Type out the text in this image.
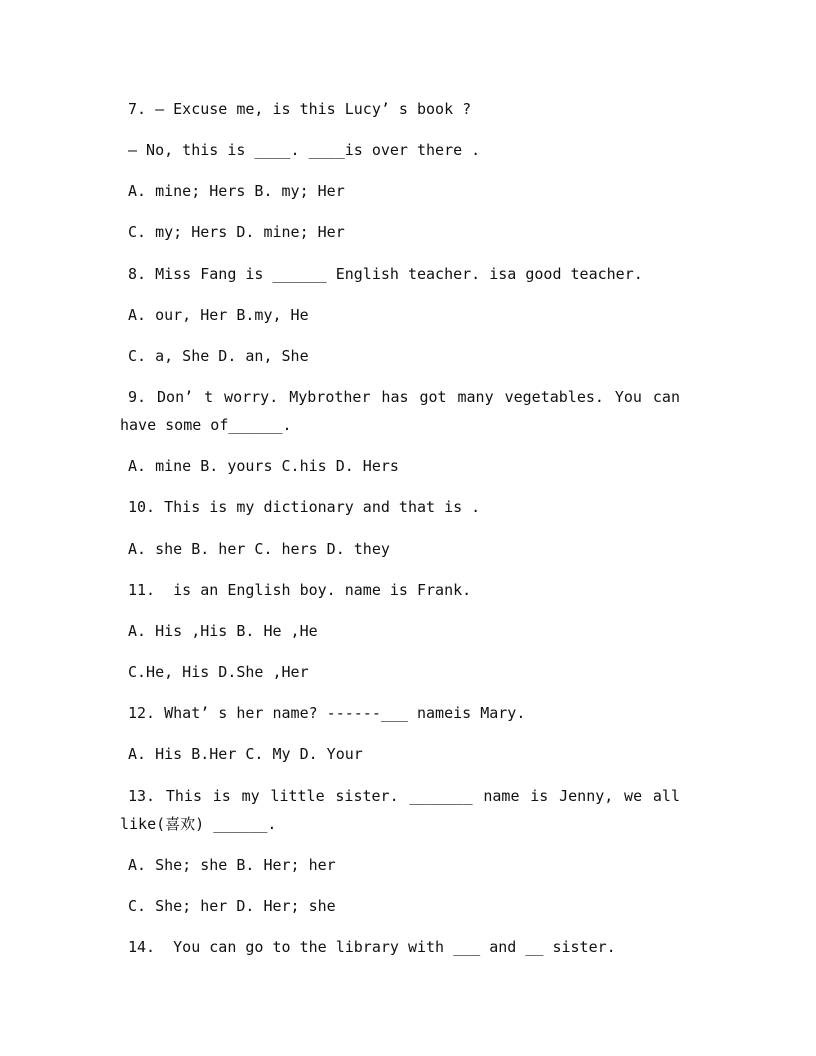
7. — Excuse me, is this Lucy’ s book ?
— No, this is ____. ____is over there .
A. mine; Hers B. my; Her
C. my; Hers D. mine; Her
8. Miss Fang is ______ English teacher. isa good teacher.
A. our, Her B.my, He
C. a, She D. an, She
9. Don’ t worry. Mybrother has got many vegetables. You can have some of______.
A. mine B. yours C.his D. Hers
10. This is my dictionary and that is .
A. she B. her C. hers D. they
11.  is an English boy. name is Frank.
A. His ,His B. He ,He
C.He, His D.She ,Her
12. What’ s her name? ------___ nameis Mary.
A. His B.Her C. My D. Your
13. This is my little sister. _______ name is Jenny, we all like(喜欢) ______.
A. She; she B. Her; her
C. She; her D. Her; she
14.  You can go to the library with ___ and __ sister.
